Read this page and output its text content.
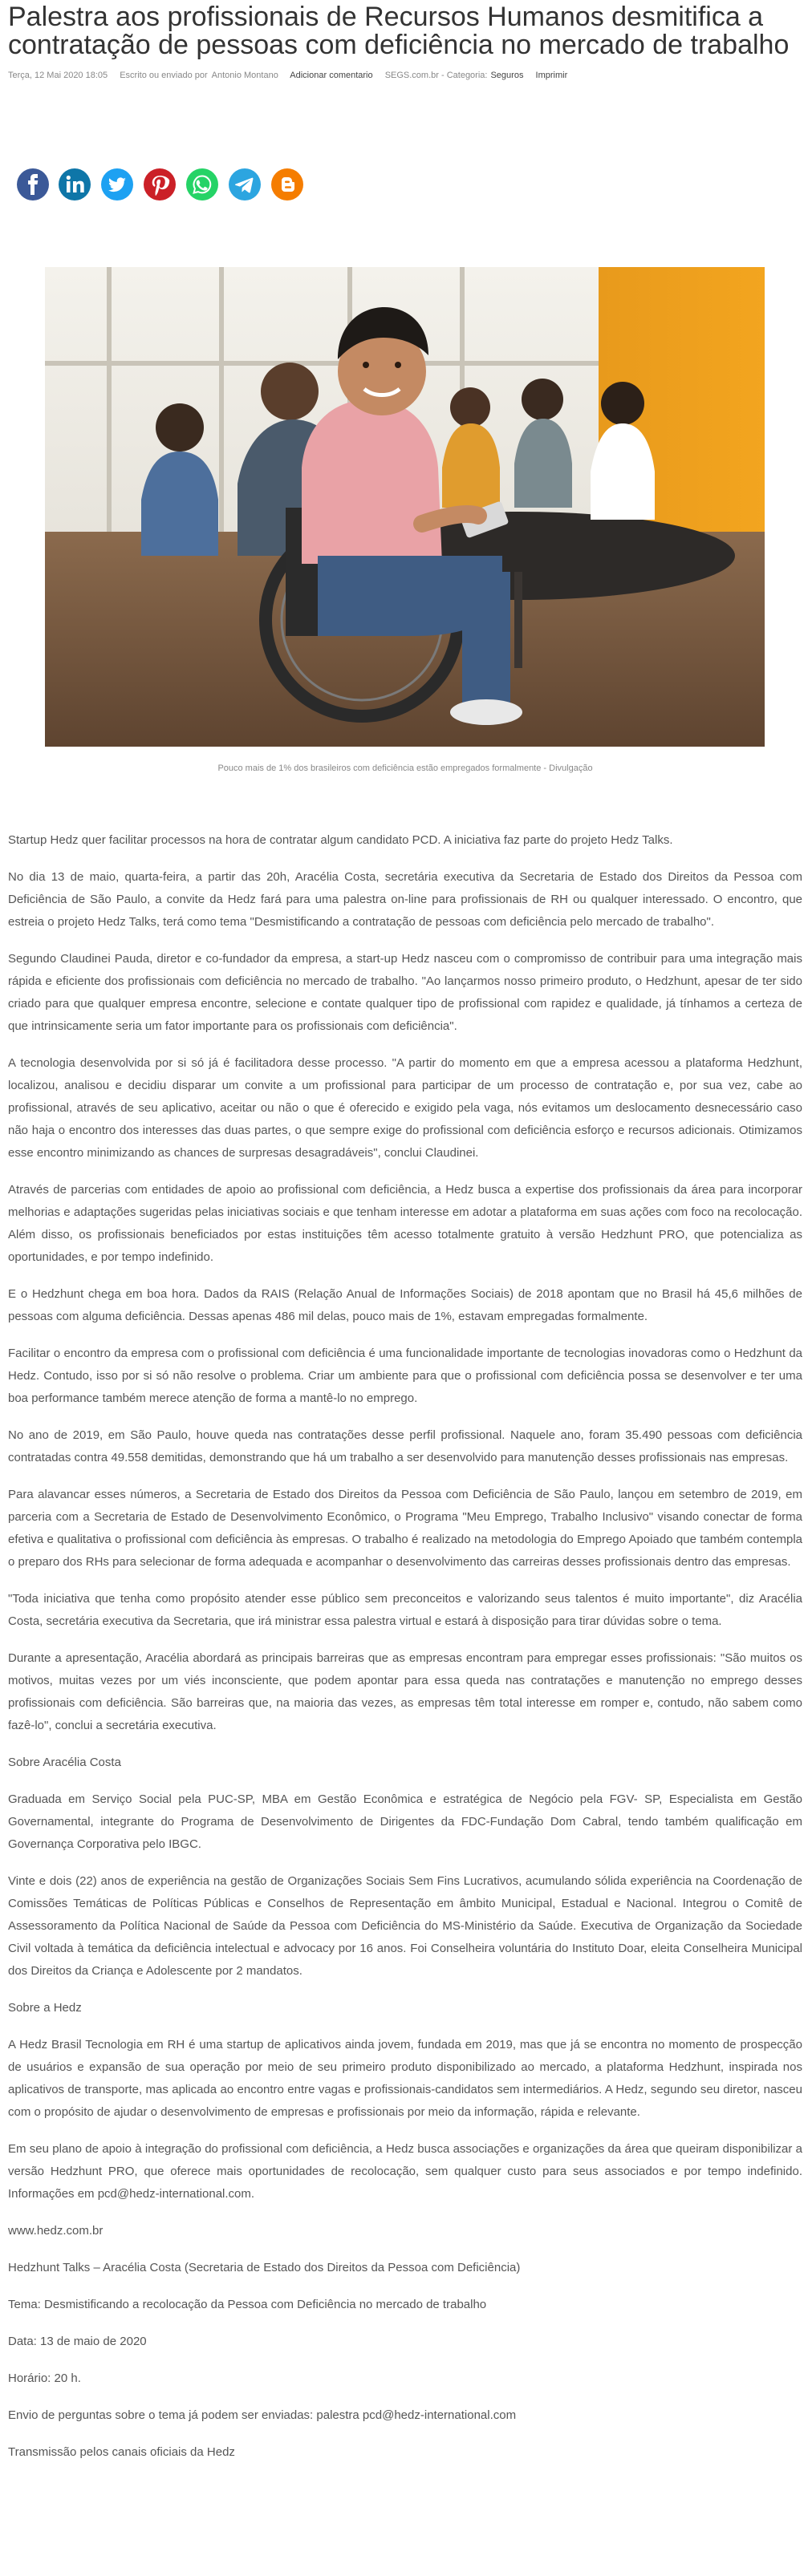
Palestra aos profissionais de Recursos Humanos desmitifica a contratação de pessoas com deficiência no mercado de trabalho
Terça, 12 Mai 2020 18:05 Escrito ou enviado por Antonio Montano Adicionar comentario SEGS.com.br - Categoria: Seguros Imprimir
Pouco mais de 1% dos brasileiros com deficiência estão empregados formalmente - Divulgação

Startup Hedz quer facilitar processos na hora de contratar algum candidato PCD. A iniciativa faz parte do projeto Hedz Talks.

No dia 13 de maio, quarta-feira, a partir das 20h, Aracélia Costa, secretária executiva da Secretaria de Estado dos Direitos da Pessoa com Deficiência de São Paulo, a convite da Hedz fará para uma palestra on-line para profissionais de RH ou qualquer interessado. O encontro, que estreia o projeto Hedz Talks, terá como tema "Desmistificando a contratação de pessoas com deficiência pelo mercado de trabalho".

Segundo Claudinei Pauda, diretor e co-fundador da empresa, a start-up Hedz nasceu com o compromisso de contribuir para uma integração mais rápida e eficiente dos profissionais com deficiência no mercado de trabalho. "Ao lançarmos nosso primeiro produto, o Hedzhunt, apesar de ter sido criado para que qualquer empresa encontre, selecione e contate qualquer tipo de profissional com rapidez e qualidade, já tínhamos a certeza de que intrinsicamente seria um fator importante para os profissionais com deficiência".

A tecnologia desenvolvida por si só já é facilitadora desse processo. "A partir do momento em que a empresa acessou a plataforma Hedzhunt, localizou, analisou e decidiu disparar um convite a um profissional para participar de um processo de contratação e, por sua vez, cabe ao profissional, através de seu aplicativo, aceitar ou não o que é oferecido e exigido pela vaga, nós evitamos um deslocamento desnecessário caso não haja o encontro dos interesses das duas partes, o que sempre exige do profissional com deficiência esforço e recursos adicionais. Otimizamos esse encontro minimizando as chances de surpresas desagradáveis", conclui Claudinei.

Através de parcerias com entidades de apoio ao profissional com deficiência, a Hedz busca a expertise dos profissionais da área para incorporar melhorias e adaptações sugeridas pelas iniciativas sociais e que tenham interesse em adotar a plataforma em suas ações com foco na recolocação. Além disso, os profissionais beneficiados por estas instituições têm acesso totalmente gratuito à versão Hedzhunt PRO, que potencializa as oportunidades, e por tempo indefinido.

E o Hedzhunt chega em boa hora. Dados da RAIS (Relação Anual de Informações Sociais) de 2018 apontam que no Brasil há 45,6 milhões de pessoas com alguma deficiência. Dessas apenas 486 mil delas, pouco mais de 1%, estavam empregadas formalmente.

Facilitar o encontro da empresa com o profissional com deficiência é uma funcionalidade importante de tecnologias inovadoras como o Hedzhunt da Hedz. Contudo, isso por si só não resolve o problema. Criar um ambiente para que o profissional com deficiência possa se desenvolver e ter uma boa performance também merece atenção de forma a mantê-lo no emprego.

No ano de 2019, em São Paulo, houve queda nas contratações desse perfil profissional. Naquele ano, foram 35.490 pessoas com deficiência contratadas contra 49.558 demitidas, demonstrando que há um trabalho a ser desenvolvido para manutenção desses profissionais nas empresas.

Para alavancar esses números, a Secretaria de Estado dos Direitos da Pessoa com Deficiência de São Paulo, lançou em setembro de 2019, em parceria com a Secretaria de Estado de Desenvolvimento Econômico, o Programa "Meu Emprego, Trabalho Inclusivo" visando conectar de forma efetiva e qualitativa o profissional com deficiência às empresas. O trabalho é realizado na metodologia do Emprego Apoiado que também contempla o preparo dos RHs para selecionar de forma adequada e acompanhar o desenvolvimento das carreiras desses profissionais dentro das empresas.

"Toda iniciativa que tenha como propósito atender esse público sem preconceitos e valorizando seus talentos é muito importante", diz Aracélia Costa, secretária executiva da Secretaria, que irá ministrar essa palestra virtual e estará à disposição para tirar dúvidas sobre o tema.

Durante a apresentação, Aracélia abordará as principais barreiras que as empresas encontram para empregar esses profissionais: "São muitos os motivos, muitas vezes por um viés inconsciente, que podem apontar para essa queda nas contratações e manutenção no emprego desses profissionais com deficiência. São barreiras que, na maioria das vezes, as empresas têm total interesse em romper e, contudo, não sabem como fazê-lo", conclui a secretária executiva.

Sobre Aracélia Costa

Graduada em Serviço Social pela PUC-SP, MBA em Gestão Econômica e estratégica de Negócio pela FGV- SP, Especialista em Gestão Governamental, integrante do Programa de Desenvolvimento de Dirigentes da FDC-Fundação Dom Cabral, tendo também qualificação em Governança Corporativa pelo IBGC.

Vinte e dois (22) anos de experiência na gestão de Organizações Sociais Sem Fins Lucrativos, acumulando sólida experiência na Coordenação de Comissões Temáticas de Políticas Públicas e Conselhos de Representação em âmbito Municipal, Estadual e Nacional. Integrou o Comitê de Assessoramento da Política Nacional de Saúde da Pessoa com Deficiência do MS-Ministério da Saúde. Executiva de Organização da Sociedade Civil voltada à temática da deficiência intelectual e advocacy por 16 anos. Foi Conselheira voluntária do Instituto Doar, eleita Conselheira Municipal dos Direitos da Criança e Adolescente por 2 mandatos.

Sobre a Hedz

A Hedz Brasil Tecnologia em RH é uma startup de aplicativos ainda jovem, fundada em 2019, mas que já se encontra no momento de prospecção de usuários e expansão de sua operação por meio de seu primeiro produto disponibilizado ao mercado, a plataforma Hedzhunt, inspirada nos aplicativos de transporte, mas aplicada ao encontro entre vagas e profissionais-candidatos sem intermediários. A Hedz, segundo seu diretor, nasceu com o propósito de ajudar o desenvolvimento de empresas e profissionais por meio da informação, rápida e relevante.

Em seu plano de apoio à integração do profissional com deficiência, a Hedz busca associações e organizações da área que queiram disponibilizar a versão Hedzhunt PRO, que oferece mais oportunidades de recolocação, sem qualquer custo para seus associados e por tempo indefinido. Informações em pcd@hedz-international.com.

www.hedz.com.br

Hedzhunt Talks – Aracélia Costa (Secretaria de Estado dos Direitos da Pessoa com Deficiência)

Tema: Desmistificando a recolocação da Pessoa com Deficiência no mercado de trabalho

Data: 13 de maio de 2020

Horário: 20 h.

Envio de perguntas sobre o tema já podem ser enviadas: palestra pcd@hedz-international.com

Transmissão pelos canais oficiais da Hedz
